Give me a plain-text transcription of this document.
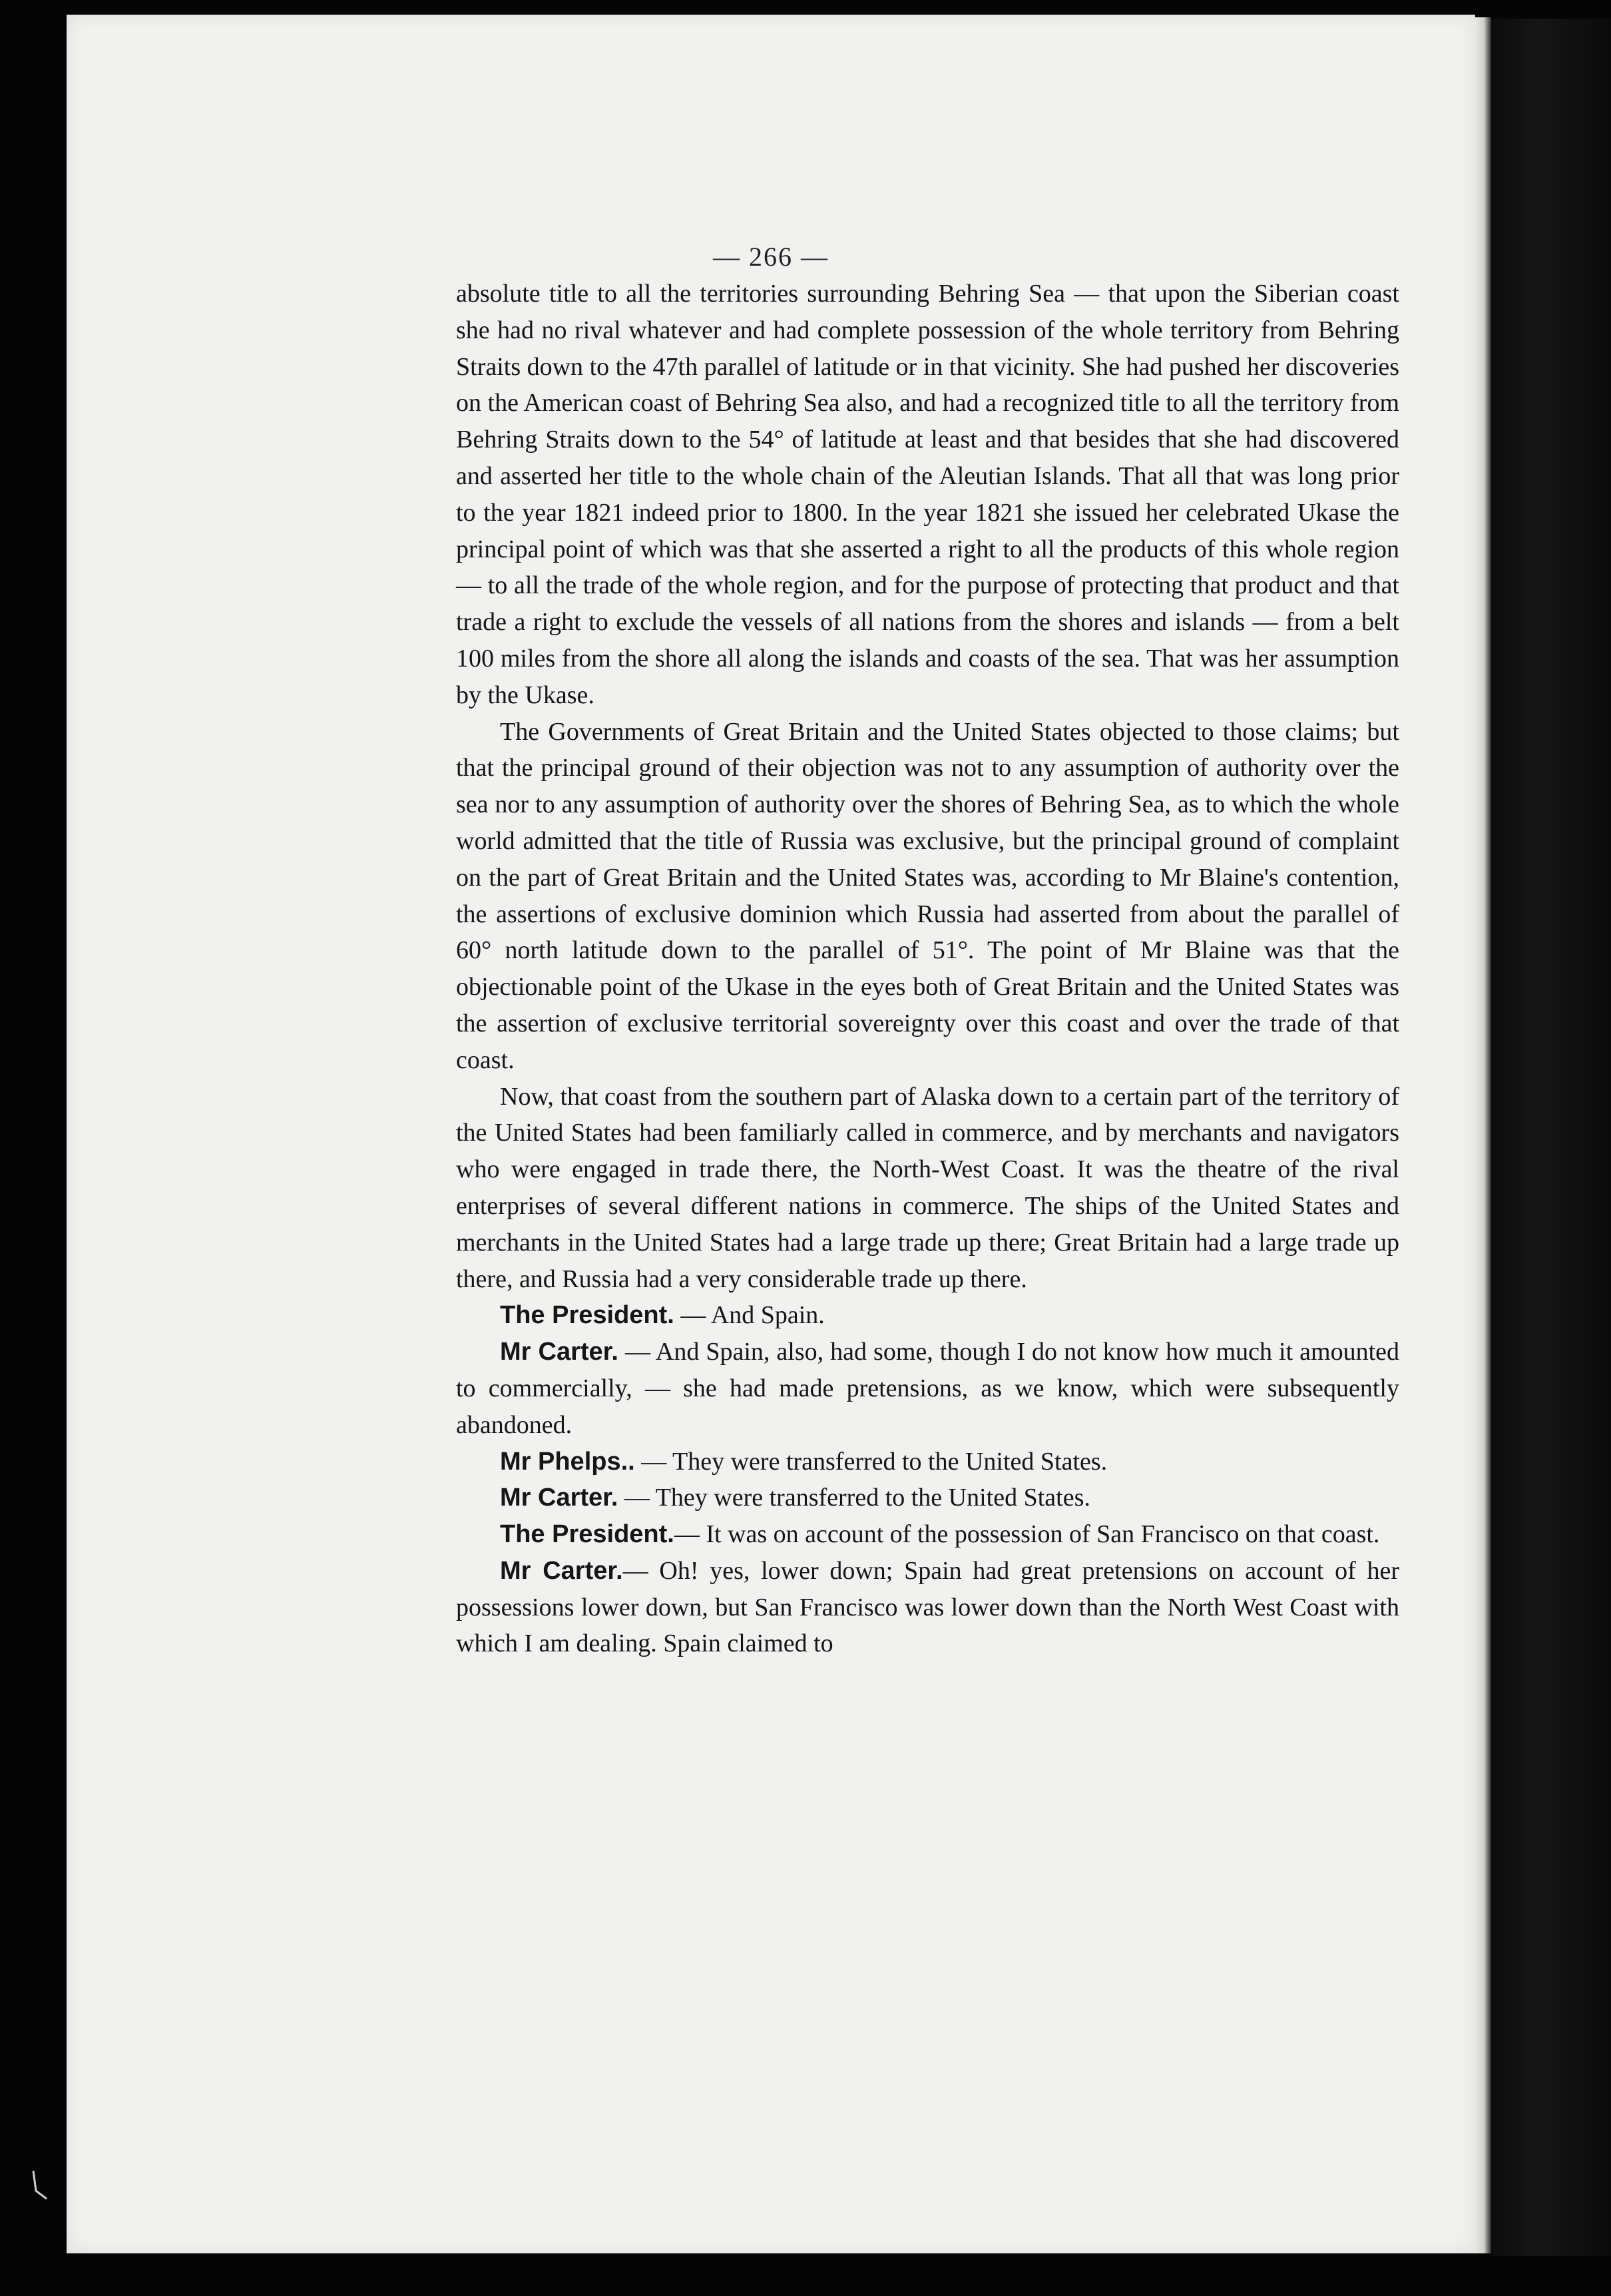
— 266 —

absolute title to all the territories surrounding Behring Sea — that upon the Siberian coast she had no rival whatever and had complete possession of the whole territory from Behring Straits down to the 47th parallel of latitude or in that vicinity. She had pushed her discoveries on the American coast of Behring Sea also, and had a recognized title to all the territory from Behring Straits down to the 54° of latitude at least and that besides that she had discovered and asserted her title to the whole chain of the Aleutian Islands. That all that was long prior to the year 1821 indeed prior to 1800. In the year 1821 she issued her celebrated Ukase the principal point of which was that she asserted a right to all the products of this whole region — to all the trade of the whole region, and for the purpose of protecting that product and that trade a right to exclude the vessels of all nations from the shores and islands — from a belt 100 miles from the shore all along the islands and coasts of the sea. That was her assumption by the Ukase.

The Governments of Great Britain and the United States objected to those claims; but that the principal ground of their objection was not to any assumption of authority over the sea nor to any assumption of authority over the shores of Behring Sea, as to which the whole world admitted that the title of Russia was exclusive, but the principal ground of complaint on the part of Great Britain and the United States was, according to Mr Blaine's contention, the assertions of exclusive dominion which Russia had asserted from about the parallel of 60° north latitude down to the parallel of 51°. The point of Mr Blaine was that the objectionable point of the Ukase in the eyes both of Great Britain and the United States was the assertion of exclusive territorial sovereignty over this coast and over the trade of that coast.

Now, that coast from the southern part of Alaska down to a certain part of the territory of the United States had been familiarly called in commerce, and by merchants and navigators who were engaged in trade there, the North-West Coast. It was the theatre of the rival enterprises of several different nations in commerce. The ships of the United States and merchants in the United States had a large trade up there; Great Britain had a large trade up there, and Russia had a very considerable trade up there.

The President. — And Spain.

Mr Carter. — And Spain, also, had some, though I do not know how much it amounted to commercially, — she had made pretensions, as we know, which were subsequently abandoned.

Mr Phelps.. — They were transferred to the United States.

Mr Carter. — They were transferred to the United States.

The President.— It was on account of the possession of San Francisco on that coast.

Mr Carter.— Oh! yes, lower down; Spain had great pretensions on account of her possessions lower down, but San Francisco was lower down than the North West Coast with which I am dealing. Spain claimed to
